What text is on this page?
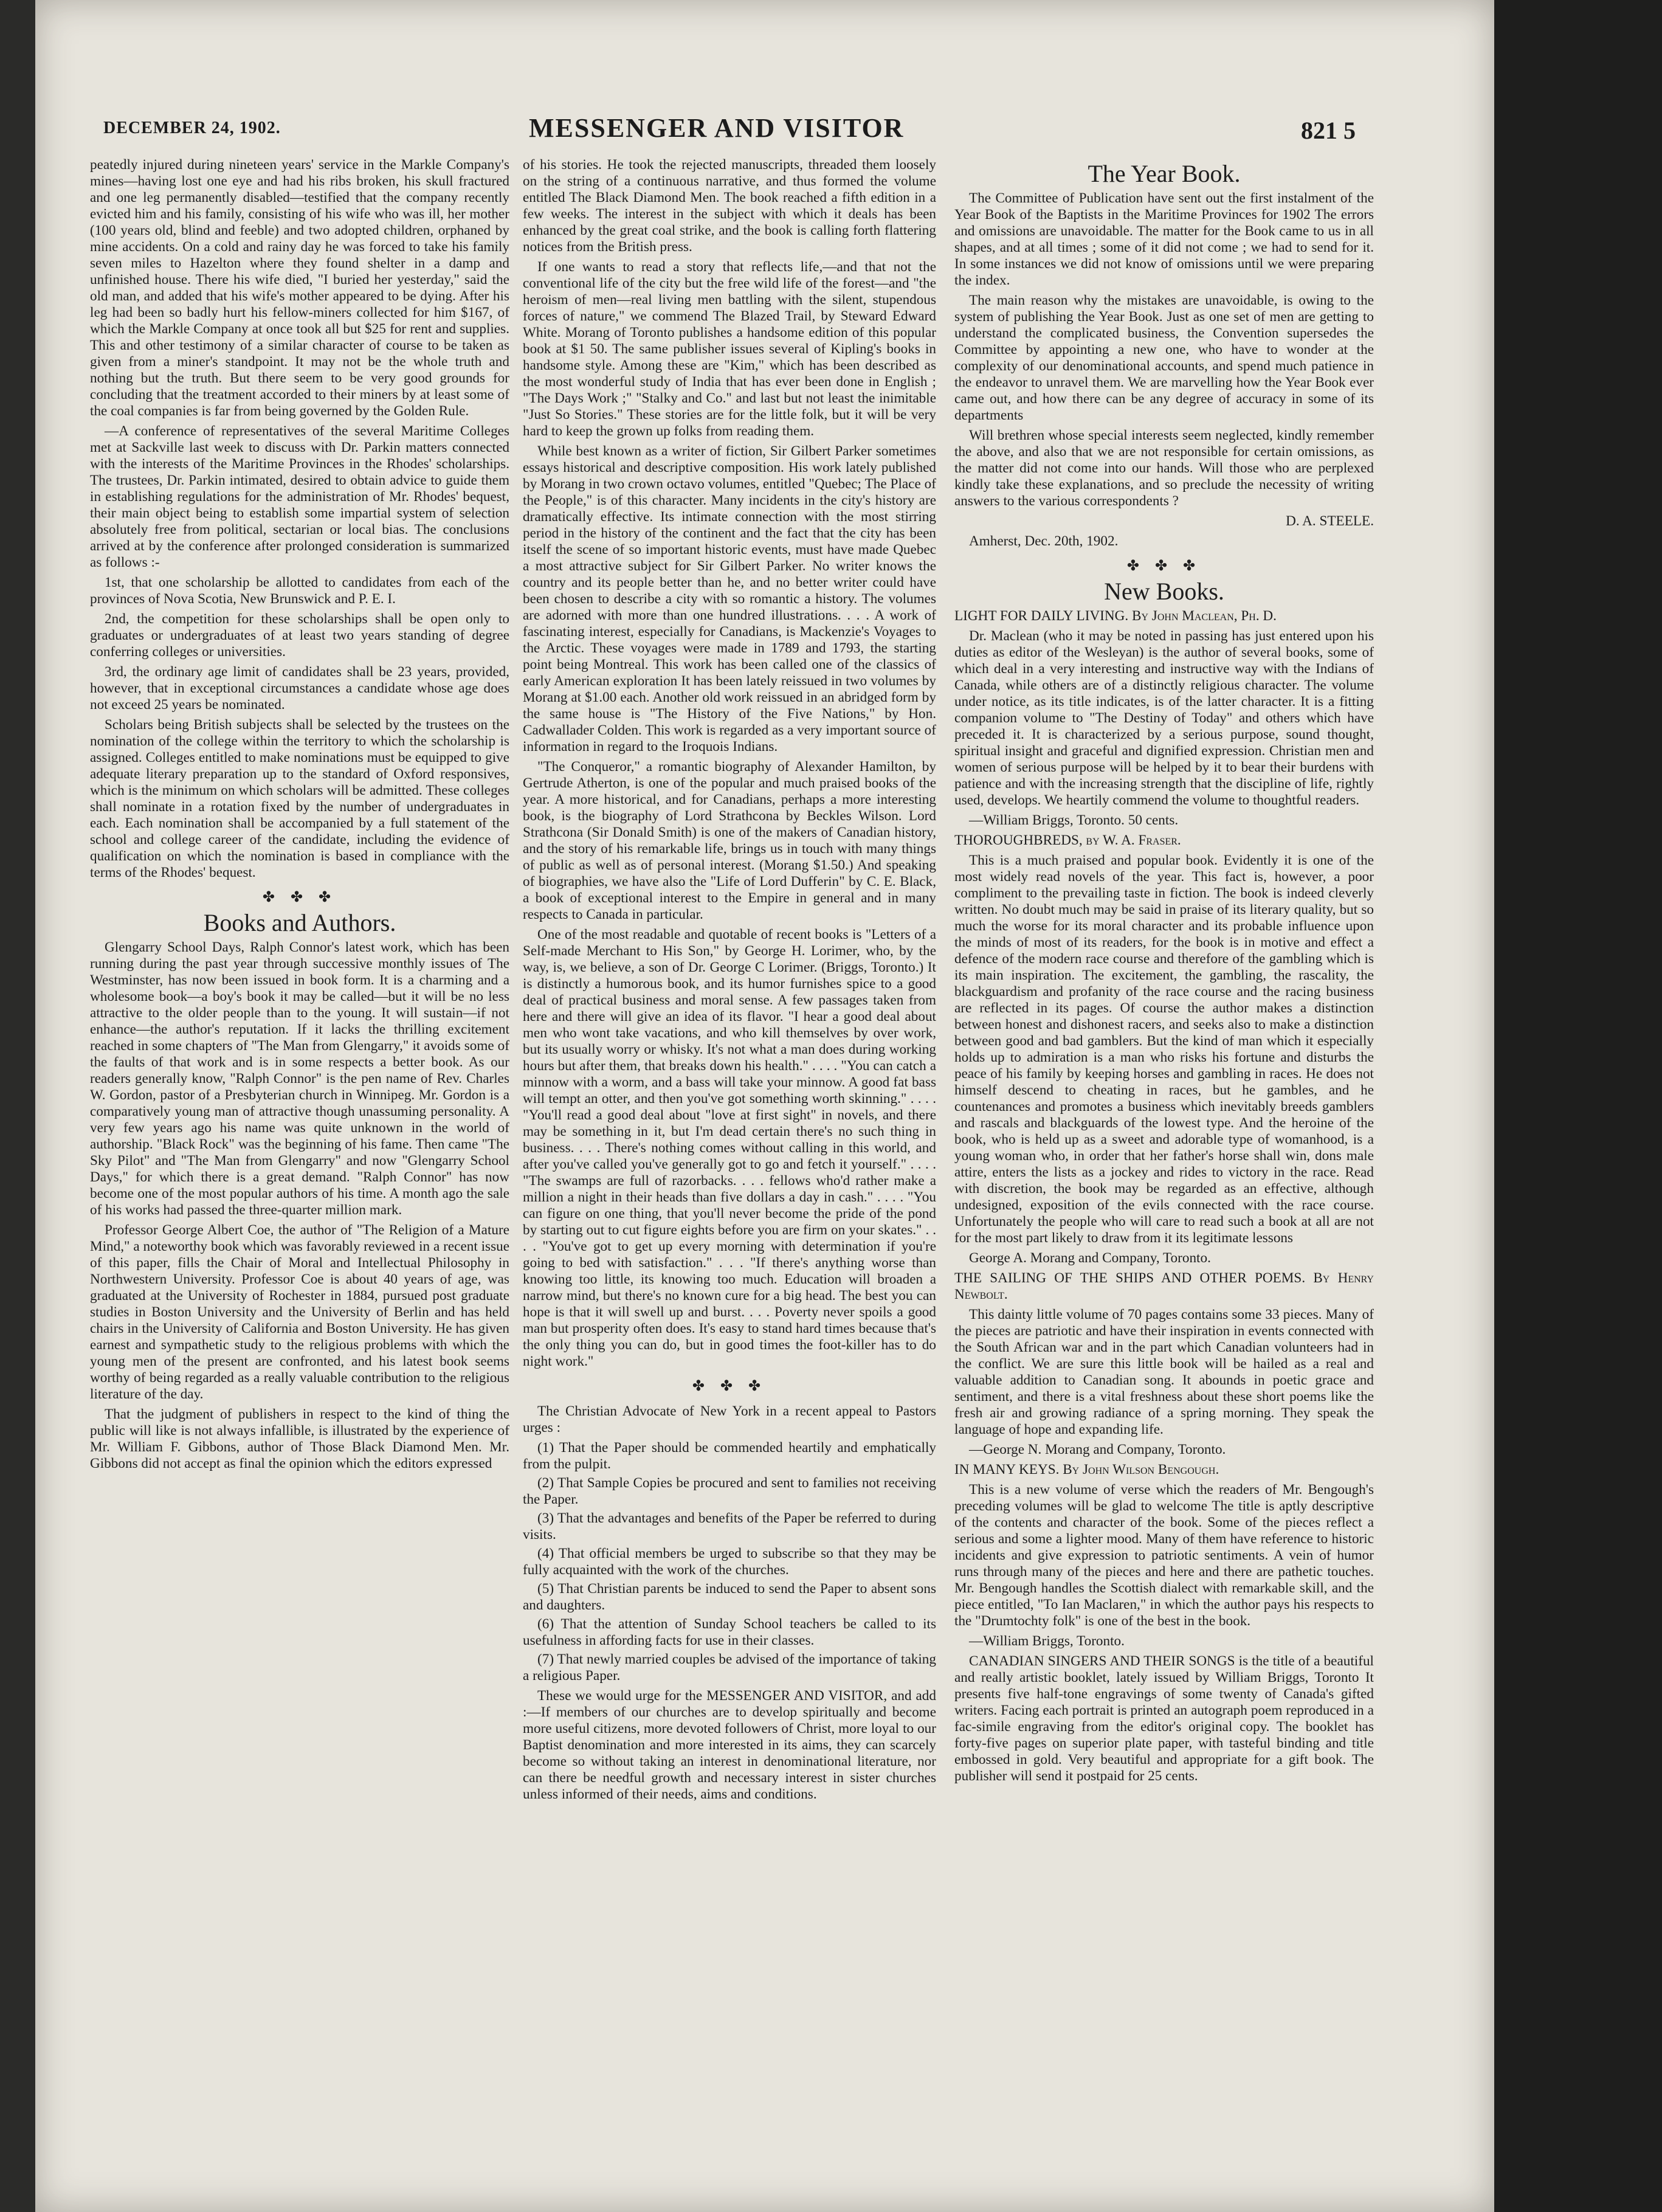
DECEMBER 24, 1902.	MESSENGER AND VISITOR	821 5

peatedly injured during nineteen years' service in the Markle Company's mines—having lost one eye and had his ribs broken, his skull fractured and one leg permanently disabled—testified that the company recently evicted him and his family, consisting of his wife who was ill, her mother (100 years old, blind and feeble) and two adopted children, orphaned by mine accidents. On a cold and rainy day he was forced to take his family seven miles to Hazelton where they found shelter in a damp and unfinished house. There his wife died, "I buried her yesterday," said the old man, and added that his wife's mother appeared to be dying. After his leg had been so badly hurt his fellow-miners collected for him $167, of which the Markle Company at once took all but $25 for rent and supplies. This and other testimony of a similar character of course to be taken as given from a miner's standpoint. It may not be the whole truth and nothing but the truth. But there seem to be very good grounds for concluding that the treatment accorded to their miners by at least some of the coal companies is far from being governed by the Golden Rule.

—A conference of representatives of the several Maritime Colleges met at Sackville last week to discuss with Dr. Parkin matters connected with the interests of the Maritime Provinces in the Rhodes' scholarships. The trustees, Dr. Parkin intimated, desired to obtain advice to guide them in establishing regulations for the administration of Mr. Rhodes' bequest, their main object being to establish some impartial system of selection absolutely free from political, sectarian or local bias. The conclusions arrived at by the conference after prolonged consideration is summarized as follows :-

1st, that one scholarship be allotted to candidates from each of the provinces of Nova Scotia, New Brunswick and P. E. I.

2nd, the competition for these scholarships shall be open only to graduates or undergraduates of at least two years standing of degree conferring colleges or universities.

3rd, the ordinary age limit of candidates shall be 23 years, provided, however, that in exceptional circumstances a candidate whose age does not exceed 25 years be nominated.

Scholars being British subjects shall be selected by the trustees on the nomination of the college within the territory to which the scholarship is assigned. Colleges entitled to make nominations must be equipped to give adequate literary preparation up to the standard of Oxford responsives, which is the minimum on which scholars will be admitted. These colleges shall nominate in a rotation fixed by the number of undergraduates in each. Each nomination shall be accompanied by a full statement of the school and college career of the candidate, including the evidence of qualification on which the nomination is based in compliance with the terms of the Rhodes' bequest.

✤ ✤ ✤
Books and Authors.

Glengarry School Days, Ralph Connor's latest work, which has been running during the past year through successive monthly issues of The Westminster, has now been issued in book form. It is a charming and a wholesome book—a boy's book it may be called—but it will be no less attractive to the older people than to the young. It will sustain—if not enhance—the author's reputation. If it lacks the thrilling excitement reached in some chapters of "The Man from Glengarry," it avoids some of the faults of that work and is in some respects a better book. As our readers generally know, "Ralph Connor" is the pen name of Rev. Charles W. Gordon, pastor of a Presbyterian church in Winnipeg. Mr. Gordon is a comparatively young man of attractive though unassuming personality. A very few years ago his name was quite unknown in the world of authorship. "Black Rock" was the beginning of his fame. Then came "The Sky Pilot" and "The Man from Glengarry" and now "Glengarry School Days," for which there is a great demand. "Ralph Connor" has now become one of the most popular authors of his time. A month ago the sale of his works had passed the three-quarter million mark.

Professor George Albert Coe, the author of "The Religion of a Mature Mind," a noteworthy book which was favorably reviewed in a recent issue of this paper, fills the Chair of Moral and Intellectual Philosophy in Northwestern University. Professor Coe is about 40 years of age, was graduated at the University of Rochester in 1884, pursued post graduate studies in Boston University and the University of Berlin and has held chairs in the University of California and Boston University. He has given earnest and sympathetic study to the religious problems with which the young men of the present are confronted, and his latest book seems worthy of being regarded as a really valuable contribution to the religious literature of the day.

That the judgment of publishers in respect to the kind of thing the public will like is not always infallible, is illustrated by the experience of Mr. William F. Gibbons, author of Those Black Diamond Men. Mr. Gibbons did not accept as final the opinion which the editors expressed

of his stories. He took the rejected manuscripts, threaded them loosely on the string of a continuous narrative, and thus formed the volume entitled The Black Diamond Men. The book reached a fifth edition in a few weeks. The interest in the subject with which it deals has been enhanced by the great coal strike, and the book is calling forth flattering notices from the British press.

If one wants to read a story that reflects life,—and that not the conventional life of the city but the free wild life of the forest—and "the heroism of men—real living men battling with the silent, stupendous forces of nature," we commend The Blazed Trail, by Steward Edward White. Morang of Toronto publishes a handsome edition of this popular book at $1 50. The same publisher issues several of Kipling's books in handsome style. Among these are "Kim," which has been described as the most wonderful study of India that has ever been done in English ; "The Days Work ;" "Stalky and Co." and last but not least the inimitable "Just So Stories." These stories are for the little folk, but it will be very hard to keep the grown up folks from reading them.

While best known as a writer of fiction, Sir Gilbert Parker sometimes essays historical and descriptive composition. His work lately published by Morang in two crown octavo volumes, entitled "Quebec; The Place of the People," is of this character. Many incidents in the city's history are dramatically effective. Its intimate connection with the most stirring period in the history of the continent and the fact that the city has been itself the scene of so important historic events, must have made Quebec a most attractive subject for Sir Gilbert Parker. No writer knows the country and its people better than he, and no better writer could have been chosen to describe a city with so romantic a history. The volumes are adorned with more than one hundred illustrations. . . . A work of fascinating interest, especially for Canadians, is Mackenzie's Voyages to the Arctic. These voyages were made in 1789 and 1793, the starting point being Montreal. This work has been called one of the classics of early American exploration It has been lately reissued in two volumes by Morang at $1.00 each. Another old work reissued in an abridged form by the same house is "The History of the Five Nations," by Hon. Cadwallader Colden. This work is regarded as a very important source of information in regard to the Iroquois Indians.

"The Conqueror," a romantic biography of Alexander Hamilton, by Gertrude Atherton, is one of the popular and much praised books of the year. A more historical, and for Canadians, perhaps a more interesting book, is the biography of Lord Strathcona by Beckles Wilson. Lord Strathcona (Sir Donald Smith) is one of the makers of Canadian history, and the story of his remarkable life, brings us in touch with many things of public as well as of personal interest. (Morang $1.50.) And speaking of biographies, we have also the "Life of Lord Dufferin" by C. E. Black, a book of exceptional interest to the Empire in general and in many respects to Canada in particular.

One of the most readable and quotable of recent books is "Letters of a Self-made Merchant to His Son," by George H. Lorimer, who, by the way, is, we believe, a son of Dr. George C Lorimer. (Briggs, Toronto.) It is distinctly a humorous book, and its humor furnishes spice to a good deal of practical business and moral sense. A few passages taken from here and there will give an idea of its flavor. "I hear a good deal about men who wont take vacations, and who kill themselves by over work, but its usually worry or whisky. It's not what a man does during working hours but after them, that breaks down his health." . . . . "You can catch a minnow with a worm, and a bass will take your minnow. A good fat bass will tempt an otter, and then you've got something worth skinning." . . . . "You'll read a good deal about "love at first sight" in novels, and there may be something in it, but I'm dead certain there's no such thing in business. . . . There's nothing comes without calling in this world, and after you've called you've generally got to go and fetch it yourself." . . . . "The swamps are full of razorbacks. . . . fellows who'd rather make a million a night in their heads than five dollars a day in cash." . . . . "You can figure on one thing, that you'll never become the pride of the pond by starting out to cut figure eights before you are firm on your skates." . . . . "You've got to get up every morning with determination if you're going to bed with satisfaction." . . . "If there's anything worse than knowing too little, its knowing too much. Education will broaden a narrow mind, but there's no known cure for a big head. The best you can hope is that it will swell up and burst. . . . Poverty never spoils a good man but prosperity often does. It's easy to stand hard times because that's the only thing you can do, but in good times the foot-killer has to do night work."

✤ ✤ ✤

The Christian Advocate of New York in a recent appeal to Pastors urges :

(1) That the Paper should be commended heartily and emphatically from the pulpit.
(2) That Sample Copies be procured and sent to families not receiving the Paper.
(3) That the advantages and benefits of the Paper be referred to during visits.
(4) That official members be urged to subscribe so that they may be fully acquainted with the work of the churches.
(5) That Christian parents be induced to send the Paper to absent sons and daughters.
(6) That the attention of Sunday School teachers be called to its usefulness in affording facts for use in their classes.
(7) That newly married couples be advised of the importance of taking a religious Paper.

These we would urge for the MESSENGER AND VISITOR, and add :—If members of our churches are to develop spiritually and become more useful citizens, more devoted followers of Christ, more loyal to our Baptist denomination and more interested in its aims, they can scarcely become so without taking an interest in denominational literature, nor can there be needful growth and necessary interest in sister churches unless informed of their needs, aims and conditions.

The Year Book.

The Committee of Publication have sent out the first instalment of the Year Book of the Baptists in the Maritime Provinces for 1902 The errors and omissions are unavoidable. The matter for the Book came to us in all shapes, and at all times ; some of it did not come ; we had to send for it. In some instances we did not know of omissions until we were preparing the index.

The main reason why the mistakes are unavoidable, is owing to the system of publishing the Year Book. Just as one set of men are getting to understand the complicated business, the Convention supersedes the Committee by appointing a new one, who have to wonder at the complexity of our denominational accounts, and spend much patience in the endeavor to unravel them. We are marvelling how the Year Book ever came out, and how there can be any degree of accuracy in some of its departments

Will brethren whose special interests seem neglected, kindly remember the above, and also that we are not responsible for certain omissions, as the matter did not come into our hands. Will those who are perplexed kindly take these explanations, and so preclude the necessity of writing answers to the various correspondents ?

D. A. STEELE.

Amherst, Dec. 20th, 1902.

✤ ✤ ✤
New Books.

LIGHT FOR DAILY LIVING. By John Maclean, Ph. D.

Dr. Maclean (who it may be noted in passing has just entered upon his duties as editor of the Wesleyan) is the author of several books, some of which deal in a very interesting and instructive way with the Indians of Canada, while others are of a distinctly religious character. The volume under notice, as its title indicates, is of the latter character. It is a fitting companion volume to "The Destiny of Today" and others which have preceded it. It is characterized by a serious purpose, sound thought, spiritual insight and graceful and dignified expression. Christian men and women of serious purpose will be helped by it to bear their burdens with patience and with the increasing strength that the discipline of life, rightly used, develops. We heartily commend the volume to thoughtful readers.

—William Briggs, Toronto. 50 cents.

THOROUGHBREDS, by W. A. Fraser.

This is a much praised and popular book. Evidently it is one of the most widely read novels of the year. This fact is, however, a poor compliment to the prevailing taste in fiction. The book is indeed cleverly written. No doubt much may be said in praise of its literary quality, but so much the worse for its moral character and its probable influence upon the minds of most of its readers, for the book is in motive and effect a defence of the modern race course and therefore of the gambling which is its main inspiration. The excitement, the gambling, the rascality, the blackguardism and profanity of the race course and the racing business are reflected in its pages. Of course the author makes a distinction between honest and dishonest racers, and seeks also to make a distinction between good and bad gamblers. But the kind of man which it especially holds up to admiration is a man who risks his fortune and disturbs the peace of his family by keeping horses and gambling in races. He does not himself descend to cheating in races, but he gambles, and he countenances and promotes a business which inevitably breeds gamblers and rascals and blackguards of the lowest type. And the heroine of the book, who is held up as a sweet and adorable type of womanhood, is a young woman who, in order that her father's horse shall win, dons male attire, enters the lists as a jockey and rides to victory in the race. Read with discretion, the book may be regarded as an effective, although undesigned, exposition of the evils connected with the race course. Unfortunately the people who will care to read such a book at all are not for the most part likely to draw from it its legitimate lessons

George A. Morang and Company, Toronto.

THE SAILING OF THE SHIPS AND OTHER POEMS. By Henry Newbolt.

This dainty little volume of 70 pages contains some 33 pieces. Many of the pieces are patriotic and have their inspiration in events connected with the South African war and in the part which Canadian volunteers had in the conflict. We are sure this little book will be hailed as a real and valuable addition to Canadian song. It abounds in poetic grace and sentiment, and there is a vital freshness about these short poems like the fresh air and growing radiance of a spring morning. They speak the language of hope and expanding life.

—George N. Morang and Company, Toronto.

IN MANY KEYS. By John Wilson Bengough.

This is a new volume of verse which the readers of Mr. Bengough's preceding volumes will be glad to welcome The title is aptly descriptive of the contents and character of the book. Some of the pieces reflect a serious and some a lighter mood. Many of them have reference to historic incidents and give expression to patriotic sentiments. A vein of humor runs through many of the pieces and here and there are pathetic touches. Mr. Bengough handles the Scottish dialect with remarkable skill, and the piece entitled, "To Ian Maclaren," in which the author pays his respects to the "Drumtochty folk" is one of the best in the book.

—William Briggs, Toronto.

CANADIAN SINGERS AND THEIR SONGS is the title of a beautiful and really artistic booklet, lately issued by William Briggs, Toronto It presents five half-tone engravings of some twenty of Canada's gifted writers. Facing each portrait is printed an autograph poem reproduced in a fac-simile engraving from the editor's original copy. The booklet has forty-five pages on superior plate paper, with tasteful binding and title embossed in gold. Very beautiful and appropriate for a gift book. The publisher will send it postpaid for 25 cents.
